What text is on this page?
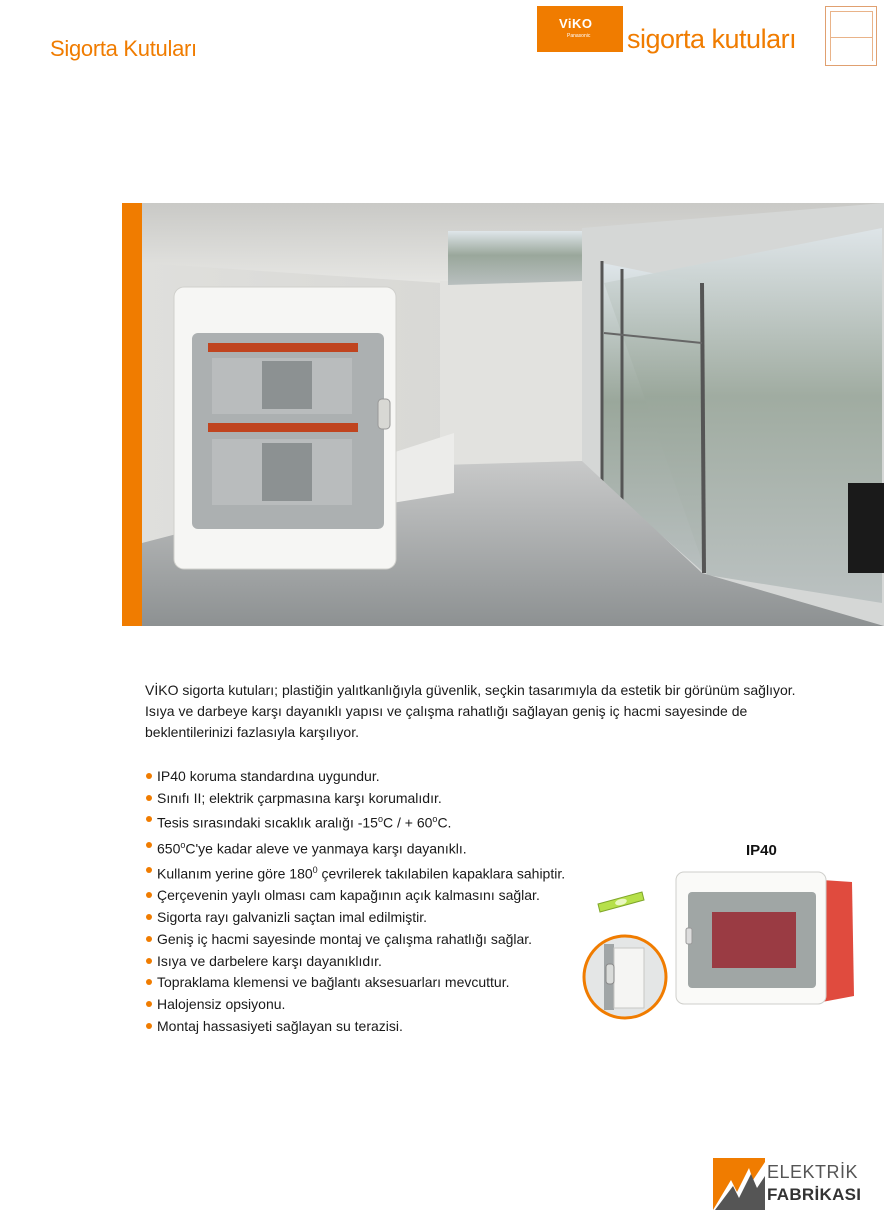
Sigorta Kutuları
ViKO
Panasonic sigorta kutuları

VİKO sigorta kutuları; plastiğin yalıtkanlığıyla güvenlik, seçkin tasarımıyla da estetik bir görünüm sağlıyor. Isıya ve darbeye karşı dayanıklı yapısı ve çalışma rahatlığı sağlayan geniş iç hacmi sayesinde de beklentilerinizi fazlasıyla karşılıyor.

IP40 koruma standardına uygundur.
Sınıfı II; elektrik çarpmasına karşı korumalıdır.
Tesis sırasındaki sıcaklık aralığı -15$^o$C / + $60^oC$.
650$^o$C'ye kadar aleve ve yanmaya karşı dayanıklı.
Kullanım yerine göre $180^0$ çevrilerek takılabilen kapaklara sahiptir.
Çerçevenin yaylı olması cam kapağının açık kalmasını sağlar.
Sigorta rayı galvanizli saçtan imal edilmiştir.
Geniş iç hacmi sayesinde montaj ve çalışma rahatlığı sağlar.
Isıya ve darbelere karşı dayanıklıdır.
Topraklama klemensi ve bağlantı aksesuarları mevcuttur.
Halojensiz opsiyonu.
Montaj hassasiyeti sağlayan su terazisi.
IP40
ELEKTRİK
FABRİKASI
